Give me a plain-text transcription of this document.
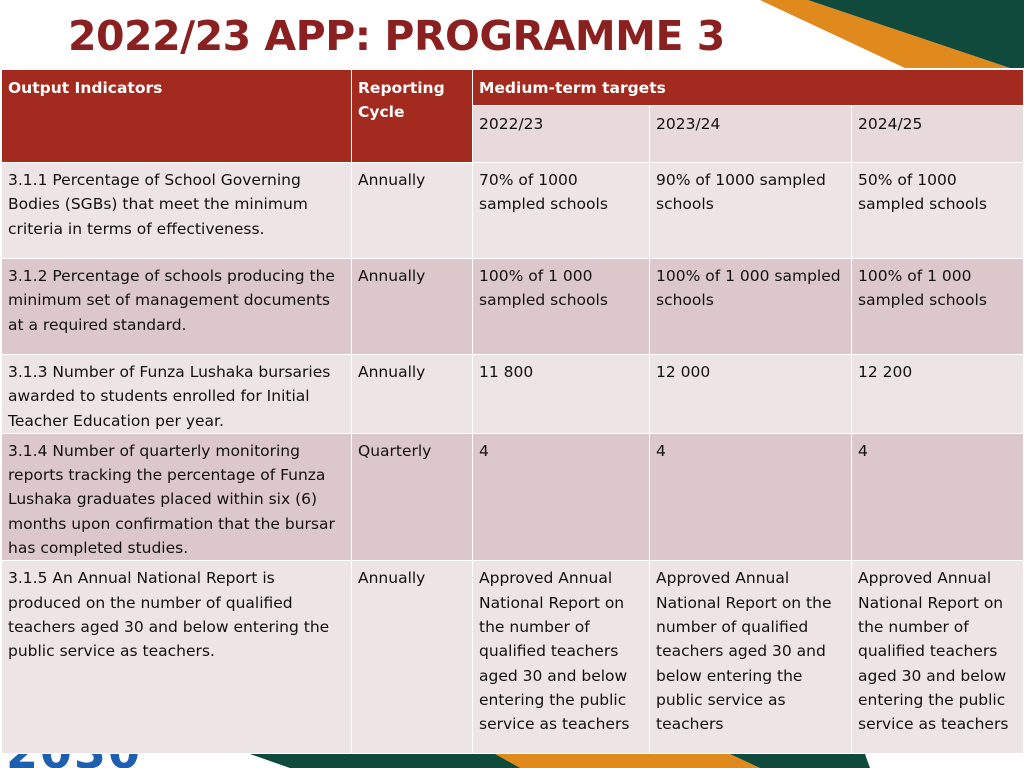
2022/23 APP: PROGRAMME 3
Output Indicators	Reporting Cycle	Medium-term targets		
		2022/23	2023/24	2024/25
3.1.1 Percentage of School Governing Bodies (SGBs) that meet the minimum criteria in terms of effectiveness.	Annually	70% of 1000 sampled schools	90% of 1000 sampled schools	50% of 1000 sampled schools
3.1.2 Percentage of schools producing the minimum set of management documents at a required standard.	Annually	100% of 1 000 sampled schools	100% of 1 000 sampled schools	100% of 1 000 sampled schools
3.1.3 Number of Funza Lushaka bursaries awarded to students enrolled for Initial Teacher Education per year.	Annually	11 800	12 000	12 200
3.1.4 Number of quarterly monitoring reports tracking the percentage of Funza Lushaka graduates placed within six (6) months upon confirmation that the bursar has completed studies.	Quarterly	4	4	4
3.1.5 An Annual National Report is produced on the number of qualified teachers aged 30 and below entering the public service as teachers.	Annually	Approved Annual National Report on the number of qualified teachers aged 30 and below entering the public service as teachers	Approved Annual National Report on the number of qualified teachers aged 30 and below entering the public service as teachers	Approved Annual National Report on the number of qualified teachers aged 30 and below entering the public service as teachers
